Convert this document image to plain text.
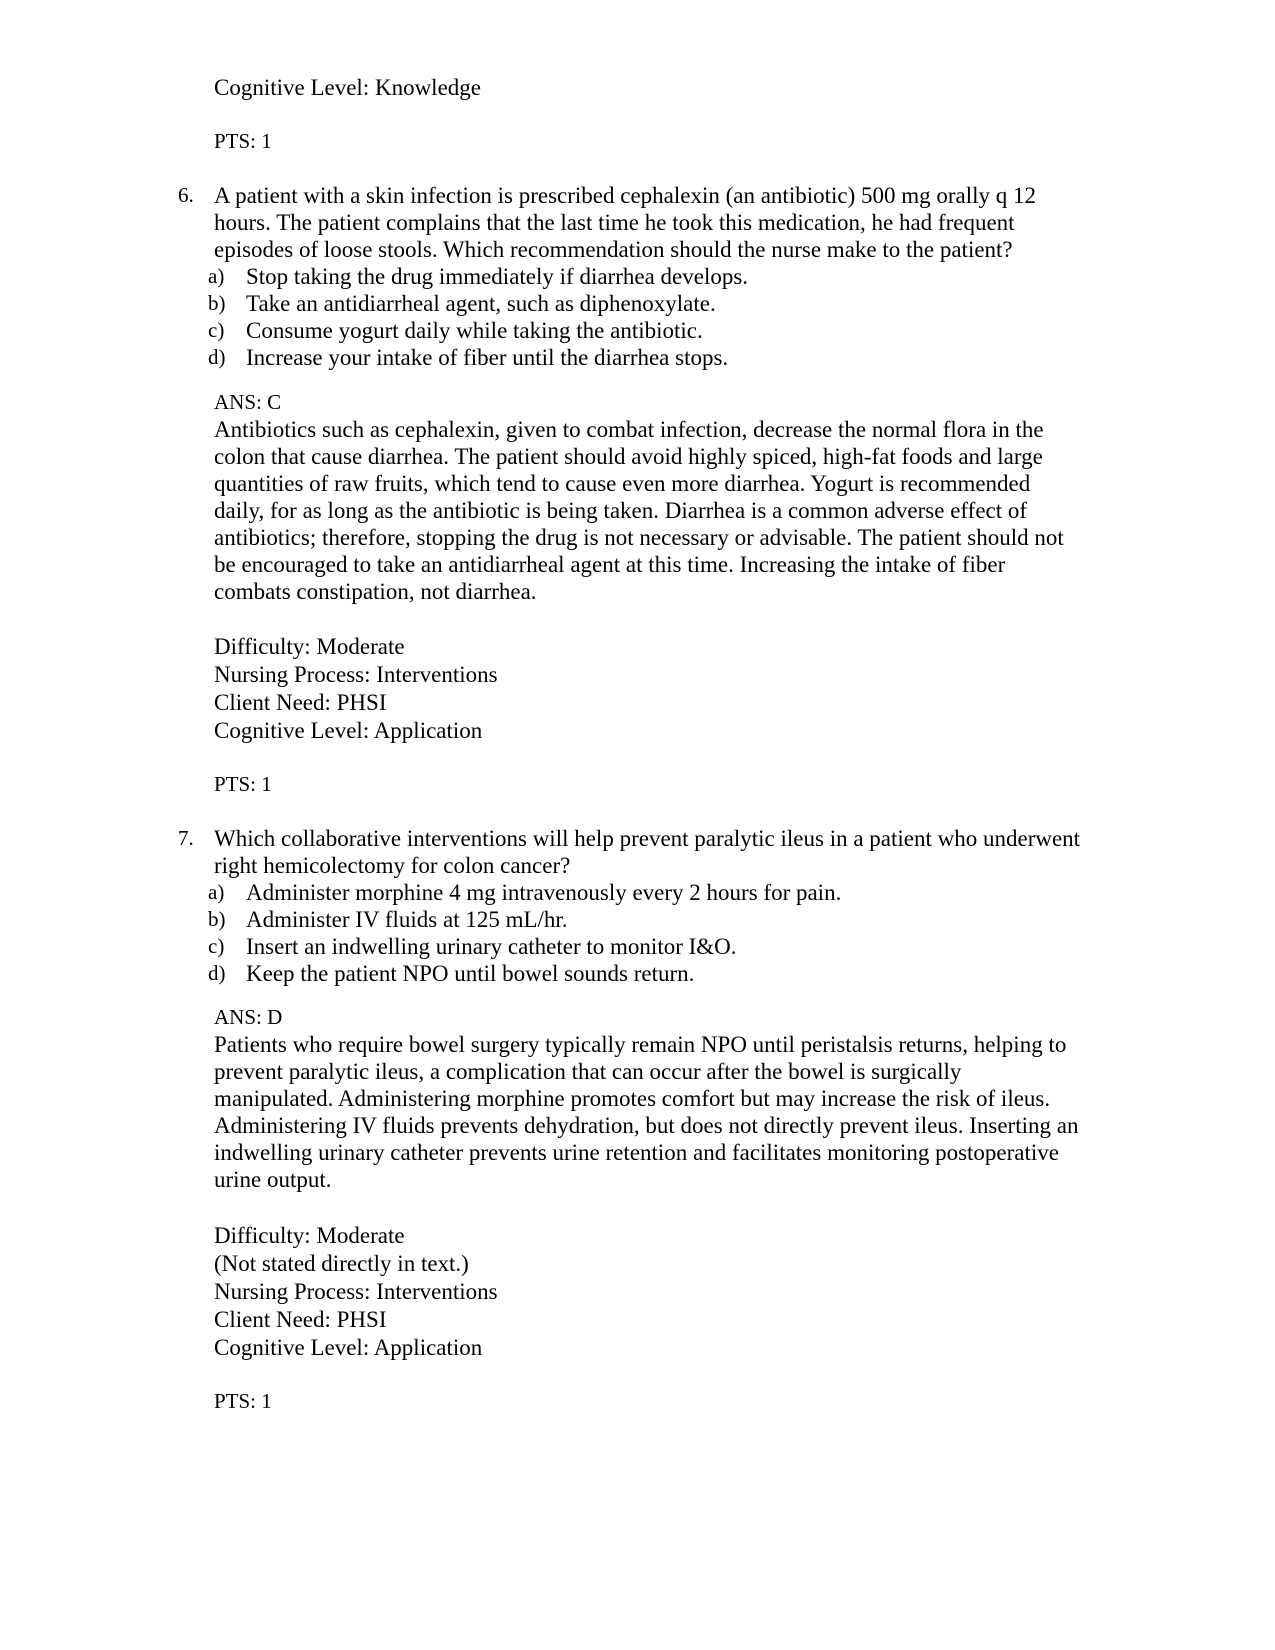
Cognitive Level: Knowledge
PTS: 1
6. A patient with a skin infection is prescribed cephalexin (an antibiotic) 500 mg orally q 12
hours. The patient complains that the last time he took this medication, he had frequent
episodes of loose stools. Which recommendation should the nurse make to the patient?
a) Stop taking the drug immediately if diarrhea develops.
b) Take an antidiarrheal agent, such as diphenoxylate.
c) Consume yogurt daily while taking the antibiotic.
d) Increase your intake of fiber until the diarrhea stops.
ANS: C
Antibiotics such as cephalexin, given to combat infection, decrease the normal flora in the
colon that cause diarrhea. The patient should avoid highly spiced, high-fat foods and large
quantities of raw fruits, which tend to cause even more diarrhea. Yogurt is recommended
daily, for as long as the antibiotic is being taken. Diarrhea is a common adverse effect of
antibiotics; therefore, stopping the drug is not necessary or advisable. The patient should not
be encouraged to take an antidiarrheal agent at this time. Increasing the intake of fiber
combats constipation, not diarrhea.
Difficulty: Moderate
Nursing Process: Interventions
Client Need: PHSI
Cognitive Level: Application
PTS: 1
7. Which collaborative interventions will help prevent paralytic ileus in a patient who underwent
right hemicolectomy for colon cancer?
a) Administer morphine 4 mg intravenously every 2 hours for pain.
b) Administer IV fluids at 125 mL/hr.
c) Insert an indwelling urinary catheter to monitor I&O.
d) Keep the patient NPO until bowel sounds return.
ANS: D
Patients who require bowel surgery typically remain NPO until peristalsis returns, helping to
prevent paralytic ileus, a complication that can occur after the bowel is surgically
manipulated. Administering morphine promotes comfort but may increase the risk of ileus.
Administering IV fluids prevents dehydration, but does not directly prevent ileus. Inserting an
indwelling urinary catheter prevents urine retention and facilitates monitoring postoperative
urine output.
Difficulty: Moderate
(Not stated directly in text.)
Nursing Process: Interventions
Client Need: PHSI
Cognitive Level: Application
PTS: 1
